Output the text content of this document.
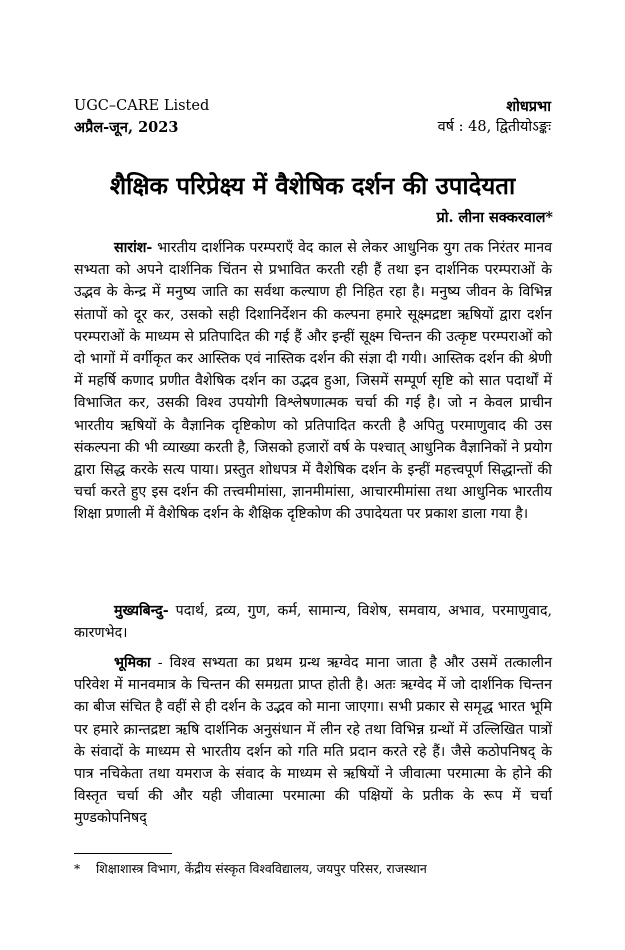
UGC–CARE Listed
अप्रैल-जून, 2023
शोधप्रभा
वर्ष : 48, द्वितीयोऽङ्कः
शैक्षिक परिप्रेक्ष्य में वैशेषिक दर्शन की उपादेयता
प्रो. लीना सक्करवाल*

सारांश- भारतीय दार्शनिक परम्पराएँ वेद काल से लेकर आधुनिक युग तक निरंतर मानव सभ्यता को अपने दार्शनिक चिंतन से प्रभावित करती रही हैं तथा इन दार्शनिक परम्पराओं के उद्भव के केन्द्र में मनुष्य जाति का सर्वथा कल्याण ही निहित रहा है। मनुष्य जीवन के विभिन्न संतापों को दूर कर, उसको सही दिशानिर्देशन की कल्पना हमारे सूक्ष्मद्रष्टा ऋषियों द्वारा दर्शन परम्पराओं के माध्यम से प्रतिपादित की गई हैं और इन्हीं सूक्ष्म चिन्तन की उत्कृष्ट परम्पराओं को दो भागों में वर्गीकृत कर आस्तिक एवं नास्तिक दर्शन की संज्ञा दी गयी। आस्तिक दर्शन की श्रेणी में महर्षि कणाद प्रणीत वैशेषिक दर्शन का उद्भव हुआ, जिसमें सम्पूर्ण सृष्टि को सात पदार्थों में विभाजित कर, उसकी विश्व उपयोगी विश्लेषणात्मक चर्चा की गई है। जो न केवल प्राचीन भारतीय ऋषियों के वैज्ञानिक दृष्टिकोण को प्रतिपादित करती है अपितु परमाणुवाद की उस संकल्पना की भी व्याख्या करती है, जिसको हजारों वर्ष के पश्चात् आधुनिक वैज्ञानिकों ने प्रयोग द्वारा सिद्ध करके सत्य पाया। प्रस्तुत शोधपत्र में वैशेषिक दर्शन के इन्हीं महत्त्वपूर्ण सिद्धान्तों की चर्चा करते हुए इस दर्शन की तत्त्वमीमांसा, ज्ञानमीमांसा, आचारमीमांसा तथा आधुनिक भारतीय शिक्षा प्रणाली में वैशेषिक दर्शन के शैक्षिक दृष्टिकोण की उपादेयता पर प्रकाश डाला गया है।

मुख्यबिन्दु- पदार्थ, द्रव्य, गुण, कर्म, सामान्य, विशेष, समवाय, अभाव, परमाणुवाद, कारणभेद।

भूमिका - विश्व सभ्यता का प्रथम ग्रन्थ ऋग्वेद माना जाता है और उसमें तत्कालीन परिवेश में मानवमात्र के चिन्तन की समग्रता प्राप्त होती है। अतः ऋग्वेद में जो दार्शनिक चिन्तन का बीज संचित है वहीं से ही दर्शन के उद्भव को माना जाएगा। सभी प्रकार से समृद्ध भारत भूमि पर हमारे क्रान्तद्रष्टा ऋषि दार्शनिक अनुसंधान में लीन रहे तथा विभिन्न ग्रन्थों में उल्लिखित पात्रों के संवादों के माध्यम से भारतीय दर्शन को गति मति प्रदान करते रहे हैं। जैसे कठोपनिषद् के पात्र नचिकेता तथा यमराज के संवाद के माध्यम से ऋषियों ने जीवात्मा परमात्मा के होने की विस्तृत चर्चा की और यही जीवात्मा परमात्मा की पक्षियों के प्रतीक के रूप में चर्चा मुण्डकोपनिषद्

* शिक्षाशास्त्र विभाग, केंद्रीय संस्कृत विश्वविद्यालय, जयपुर परिसर, राजस्थान
